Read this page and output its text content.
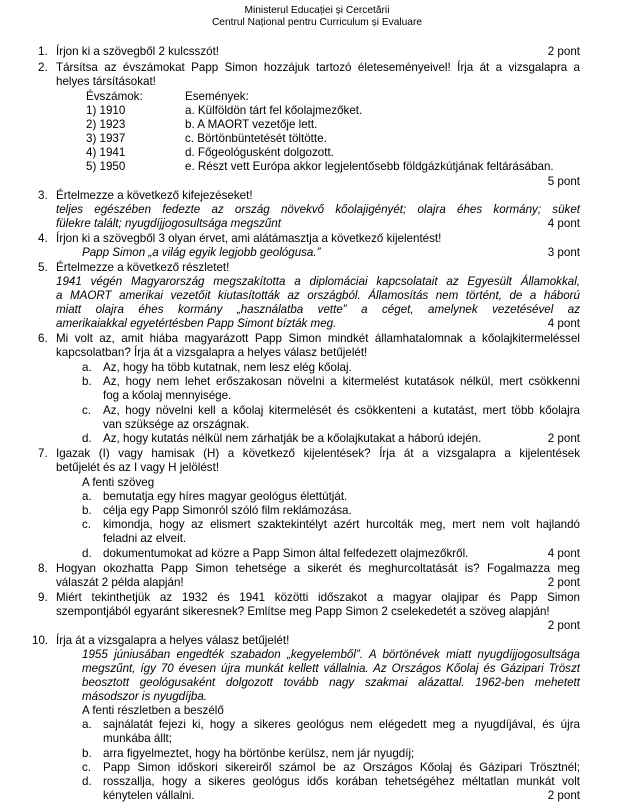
Ministerul Educației și Cercetării
Centrul Național pentru Curriculum și Evaluare
1. Írjon ki a szövegből 2 kulcsszót!	2 pont
2. Társítsa az évszámokat Papp Simon hozzájuk tartozó életeseményeivel! Írja át a vizsgalapra a
helyes társításokat!
Évszámok:	Események:
1) 1910	a. Külföldön tárt fel kőolajmezőket.
2) 1923	b. A MAORT vezetője lett.
3) 1937	c. Börtönbüntetését töltötte.
4) 1941	d. Főgeológusként dolgozott.
5) 1950	e. Részt vett Európa akkor legjelentősebb földgázkútjának feltárásában.
5 pont
3. Értelmezze a következő kifejezéseket!
teljes egészében fedezte az ország növekvő kőolajigényét; olajra éhes kormány; süket
fülekre talált; nyugdíjjogosultsága megszűnt	4 pont
4. Írjon ki a szövegből 3 olyan érvet, ami alátámasztja a következő kijelentést!
Papp Simon „a világ egyik legjobb geológusa.”	3 pont
5. Értelmezze a következő részletet!
1941 végén Magyarország megszakította a diplomáciai kapcsolatait az Egyesült Államokkal,
a MAORT amerikai vezetőit kiutasították az országból. Államosítás nem történt, de a háború
miatt olajra éhes kormány „használatba vette” a céget, amelynek vezetésével az
amerikaiakkal egyetértésben Papp Simont bízták meg.	4 pont
6. Mi volt az, amit hiába magyarázott Papp Simon mindkét államhatalomnak a kőolajkitermeléssel
kapcsolatban? Írja át a vizsgalapra a helyes válasz betűjelét!
a. Az, hogy ha több kutatnak, nem lesz elég kőolaj.
b. Az, hogy nem lehet erőszakosan növelni a kitermelést kutatások nélkül, mert csökkenni
fog a kőolaj mennyisége.
c. Az, hogy növelni kell a kőolaj kitermelését és csökkenteni a kutatást, mert több kőolajra
van szüksége az országnak.
d. Az, hogy kutatás nélkül nem zárhatják be a kőolajkutakat a háború idején.	2 pont
7. Igazak (I) vagy hamisak (H) a következő kijelentések? Írja át a vizsgalapra a kijelentések
betűjelét és az I vagy H jelölést!
A fenti szöveg
a. bemutatja egy híres magyar geológus élettútját.
b. célja egy Papp Simonról szóló film reklámozása.
c. kimondja, hogy az elismert szaktekintélyt azért hurcolták meg, mert nem volt hajlandó
feladni az elveit.
d. dokumentumokat ad közre a Papp Simon által felfedezett olajmezőkről.	4 pont
8. Hogyan okozhatta Papp Simon tehetsége a sikerét és meghurcoltatását is? Fogalmazza meg
válaszát 2 példa alapján!	2 pont
9. Miért tekinthetjük az 1932 és 1941 közötti időszakot a magyar olajipar és Papp Simon
szempontjából egyaránt sikeresnek? Említse meg Papp Simon 2 cselekedetét a szöveg alapján!
2 pont
10. Írja át a vizsgalapra a helyes válasz betűjelét!
1955 júniusában engedték szabadon „kegyelemből”. A börtönévek miatt nyugdíjjogosultsága
megszűnt, így 70 évesen újra munkát kellett vállalnia. Az Országos Kőolaj és Gázipari Tröszt
beosztott geológusaként dolgozott tovább nagy szakmai alázattal. 1962-ben mehetett
másodszor is nyugdíjba.
A fenti részletben a beszélő
a. sajnálatát fejezi ki, hogy a sikeres geológus nem elégedett meg a nyugdíjával, és újra
munkába állt;
b. arra figyelmeztet, hogy ha börtönbe kerülsz, nem jár nyugdíj;
c. Papp Simon időskori sikereiről számol be az Országos Kőolaj és Gázipari Trösztnél;
d. rosszallja, hogy a sikeres geológus idős korában tehetségéhez méltatlan munkát volt
kénytelen vállalni.	2 pont
